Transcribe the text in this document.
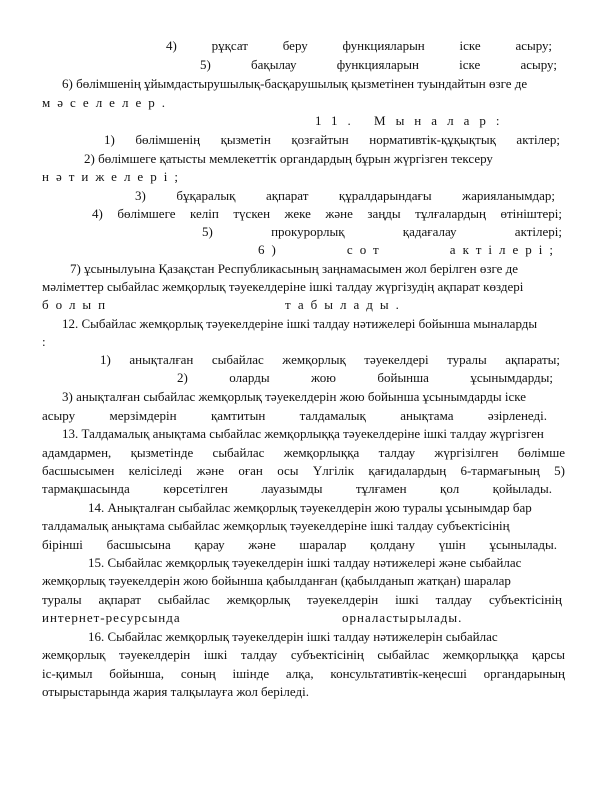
4) рұқсат беру функцияларын іске асыру;
5) бақылау функцияларын іске асыру;
6) бөлімшенің ұйымдастырушылық-басқарушылық қызметінен туындайтын өзге де
мәселелер.
11. Мыналар:
1) бөлімшенің қызметін қозғайтын нормативтік-құқықтық актілер;
2) бөлімшеге қатысты мемлекеттік органдардың бұрын жүргізген тексеру
нәтижелері;
3) бұқаралық ақпарат құралдарындағы жарияланымдар;
4) бөлімшеге келіп түскен жеке және заңды тұлғалардың өтініштері;
5) прокурорлық қадағалау актілері;
6) сот актілері;
7) ұсынылуына Қазақстан Республикасының заңнамасымен жол берілген өзге де
мәліметтер сыбайлас жемқорлық тәуекелдеріне ішкі талдау жүргізудің ақпарат көздері
болып	табылады.
12. Сыбайлас жемқорлық тәуекелдеріне ішкі талдау нәтижелері бойынша мыналарды
:
1) анықталған сыбайлас жемқорлық тәуекелдері туралы ақпараты;
2) оларды жою бойынша ұсынымдарды;
3) анықталған сыбайлас жемқорлық тәуекелдерін жою бойынша ұсынымдарды іске
асыру мерзімдерін қамтитын талдамалық анықтама әзірленеді.
13. Талдамалық анықтама сыбайлас жемқорлыққа тәуекелдеріне ішкі талдау жүргізген
адамдармен, қызметінде сыбайлас жемқорлыққа талдау жүргізілген бөлімше
басшысымен келісіледі және оған осы Үлгілік қағидалардың 6-тармағының 5)
тармақшасында көрсетілген лауазымды тұлғамен қол қойылады.
14. Анықталған сыбайлас жемқорлық тәуекелдерін жою туралы ұсынымдар бар
талдамалық анықтама сыбайлас жемқорлық тәуекелдеріне ішкі талдау субъектісінің
бірінші басшысына қарау және шаралар қолдану үшін ұсынылады.
15. Сыбайлас жемқорлық тәуекелдерін ішкі талдау нәтижелері және сыбайлас
жемқорлық тәуекелдерін жою бойынша қабылданған (қабылданып жатқан) шаралар
туралы ақпарат сыбайлас жемқорлық тәуекелдерін ішкі талдау субъектісінің
интернет-ресурсында	орналастырылады.
16. Сыбайлас жемқорлық тәуекелдерін ішкі талдау нәтижелерін сыбайлас
жемқорлық тәуекелдерін ішкі талдау субъектісінің сыбайлас жемқорлыққа қарсы
іс-қимыл бойынша, соның ішінде алқа, консультативтік-кеңесші органдарының
отырыстарында жария талқылауға жол беріледі.
